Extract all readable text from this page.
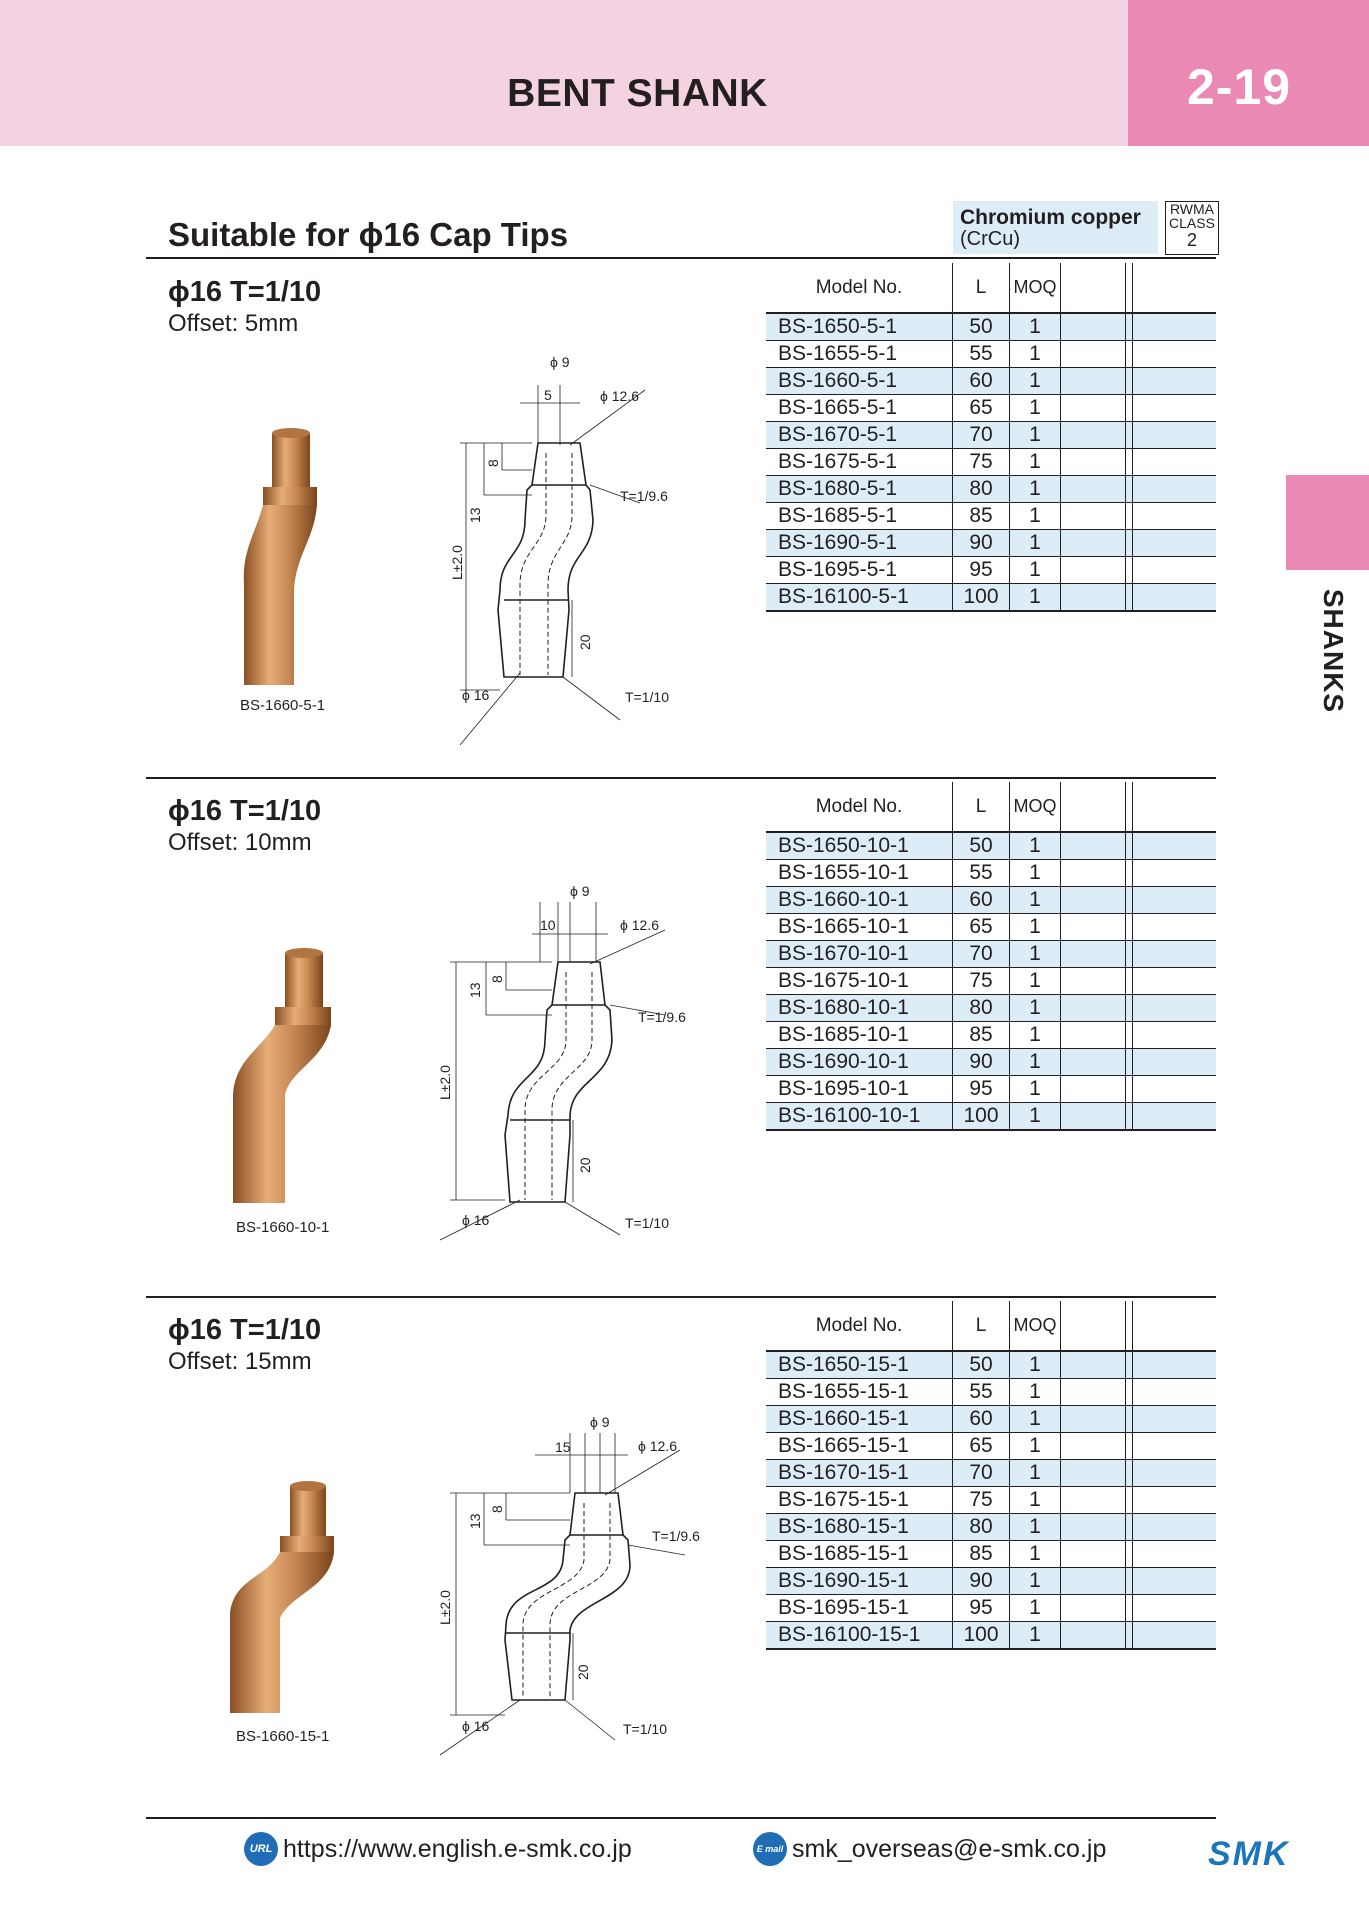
BENT SHANK	2-19
SHANKS
Suitable for ϕ16 Cap Tips	Chromium copper
(CrCu)
RWMA
CLASS
2
ϕ16 T=1/10
Offset: 5mm
BS-1660-5-1
ϕ 9
5	ϕ 12.6
T=1/9.6
13
8
L±2.0
20
ϕ 16	T=1/10
Model No.	L	MOQ			
BS-1650-5-1	50	1			
BS-1655-5-1	55	1			
BS-1660-5-1	60	1			
BS-1665-5-1	65	1			
BS-1670-5-1	70	1			
BS-1675-5-1	75	1			
BS-1680-5-1	80	1			
BS-1685-5-1	85	1			
BS-1690-5-1	90	1			
BS-1695-5-1	95	1			
BS-16100-5-1	100	1			
ϕ16 T=1/10
Offset: 10mm
BS-1660-10-1
ϕ 9
10	ϕ 12.6
T=1/9.6
13
8
L±2.0
20
ϕ 16	T=1/10
Model No.	L	MOQ			
BS-1650-10-1	50	1			
BS-1655-10-1	55	1			
BS-1660-10-1	60	1			
BS-1665-10-1	65	1			
BS-1670-10-1	70	1			
BS-1675-10-1	75	1			
BS-1680-10-1	80	1			
BS-1685-10-1	85	1			
BS-1690-10-1	90	1			
BS-1695-10-1	95	1			
BS-16100-10-1	100	1			
ϕ16 T=1/10
Offset: 15mm
BS-1660-15-1
ϕ 9
15	ϕ 12.6
T=1/9.6
13
8
L±2.0
20
ϕ 16	T=1/10
Model No.	L	MOQ			
BS-1650-15-1	50	1			
BS-1655-15-1	55	1			
BS-1660-15-1	60	1			
BS-1665-15-1	65	1			
BS-1670-15-1	70	1			
BS-1675-15-1	75	1			
BS-1680-15-1	80	1			
BS-1685-15-1	85	1			
BS-1690-15-1	90	1			
BS-1695-15-1	95	1			
BS-16100-15-1	100	1			
URL https://www.english.e-smk.co.jp	E mail smk_overseas@e-smk.co.jp	SMK
